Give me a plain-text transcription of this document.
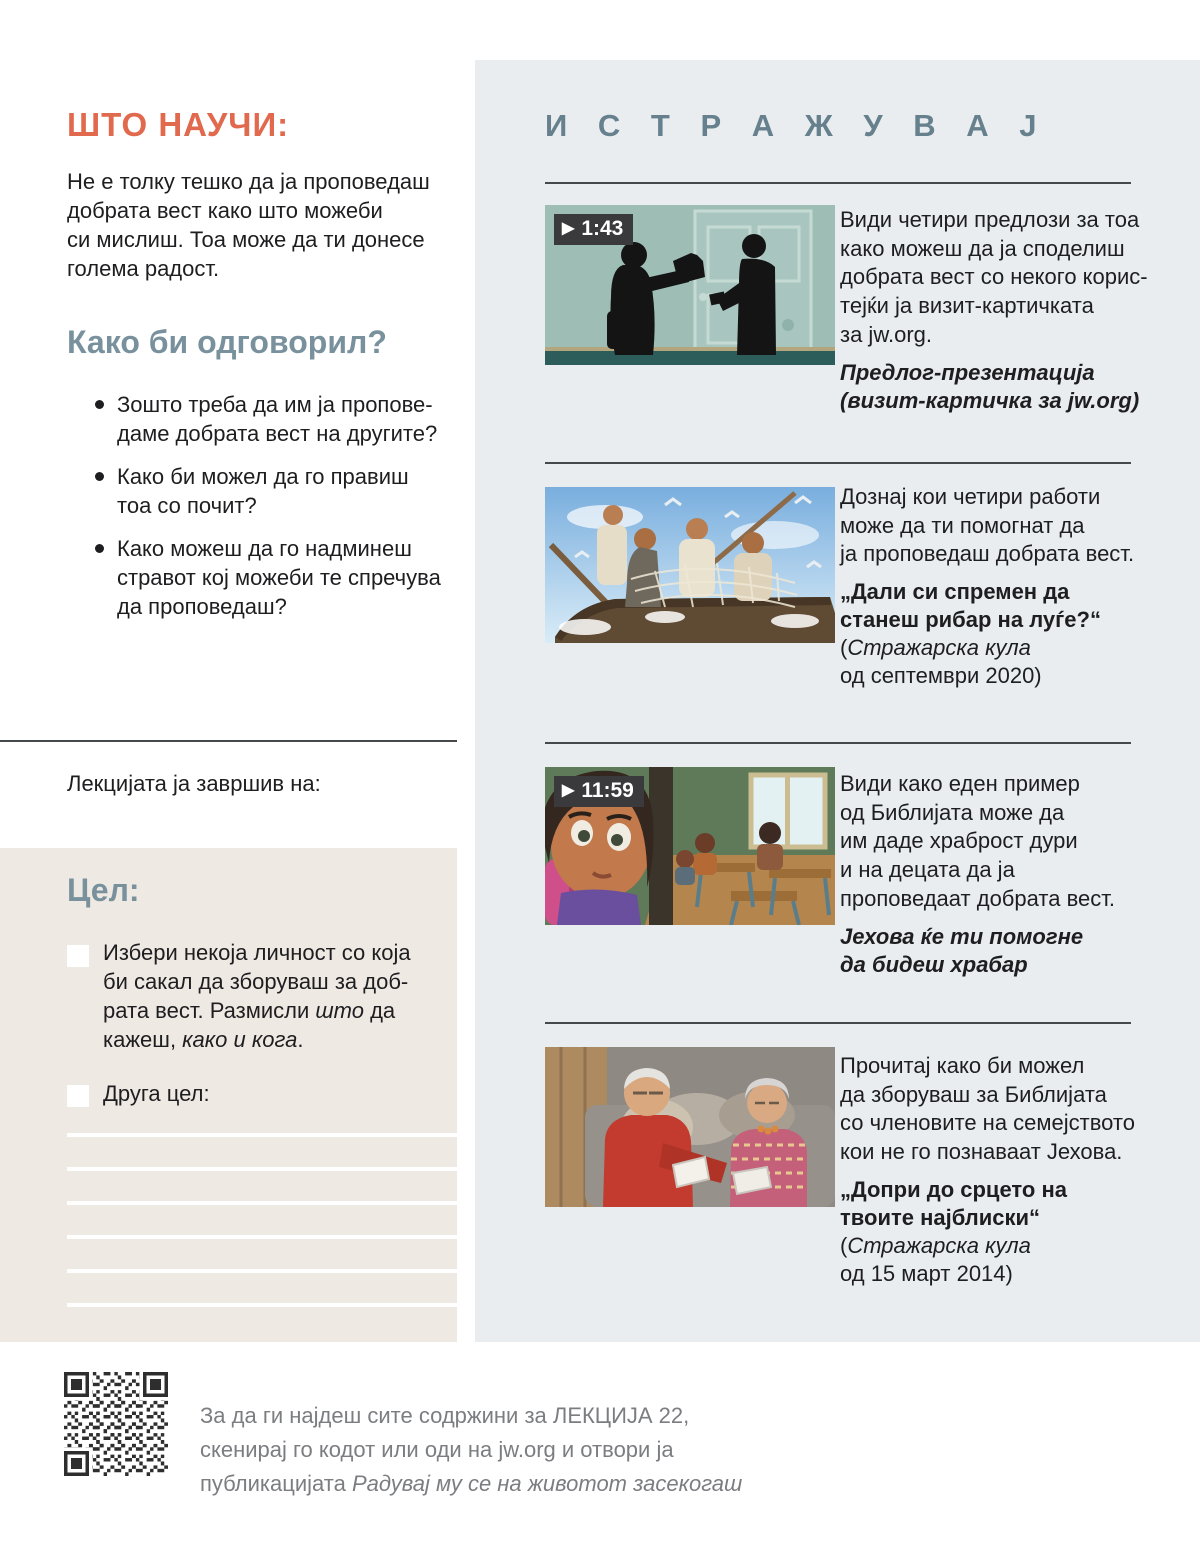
ШТО НАУЧИ:
Не е толку тешко да ја проповедаш
добрата вест како што можеби
си мислиш. Тоа може да ти донесе
голема радост.
Како би одговорил?
Зошто треба да им ја пропове-
даме добрата вест на другите?
Како би можел да го правиш
тоа со почит?
Како можеш да го надминеш
стравот кој можеби те спречува
да проповедаш?
Лекцијата ја завршив на:
Цел:
Избери некоја личност со која
би сакал да зборуваш за доб-
рата вест. Размисли што да
кажеш, како и кога.
Друга цел:
И С Т Р А Ж У В А Ј
▶ 1:43	Види четири предлози за тоа
како можеш да ја споделиш
добрата вест со некого корис-
тејќи ја визит-картичката
за jw.org.
Предлог-презентација
(визит-картичка за jw.org)
Дознај кои четири работи
може да ти помогнат да
ја проповедаш добрата вест.
„Дали си спремен да
станеш рибар на луѓе?“
(Стражарска кула
од септември 2020)
▶ 11:59	Види како еден пример
од Библијата може да
им даде храброст дури
и на децата да ја
проповедаат добрата вест.
Јехова ќе ти помогне
да бидеш храбар
Прочитај како би можел
да зборуваш за Библијата
со членовите на семејството
кои не го познаваат Јехова.
„Допри до срцето на
твоите најблиски“
(Стражарска кула
од 15 март 2014)
За да ги најдеш сите содржини за ЛЕКЦИЈА 22,
скенирај го кодот или оди на jw.org и отвори ја
публикацијата Радувај му се на животот засекогаш
